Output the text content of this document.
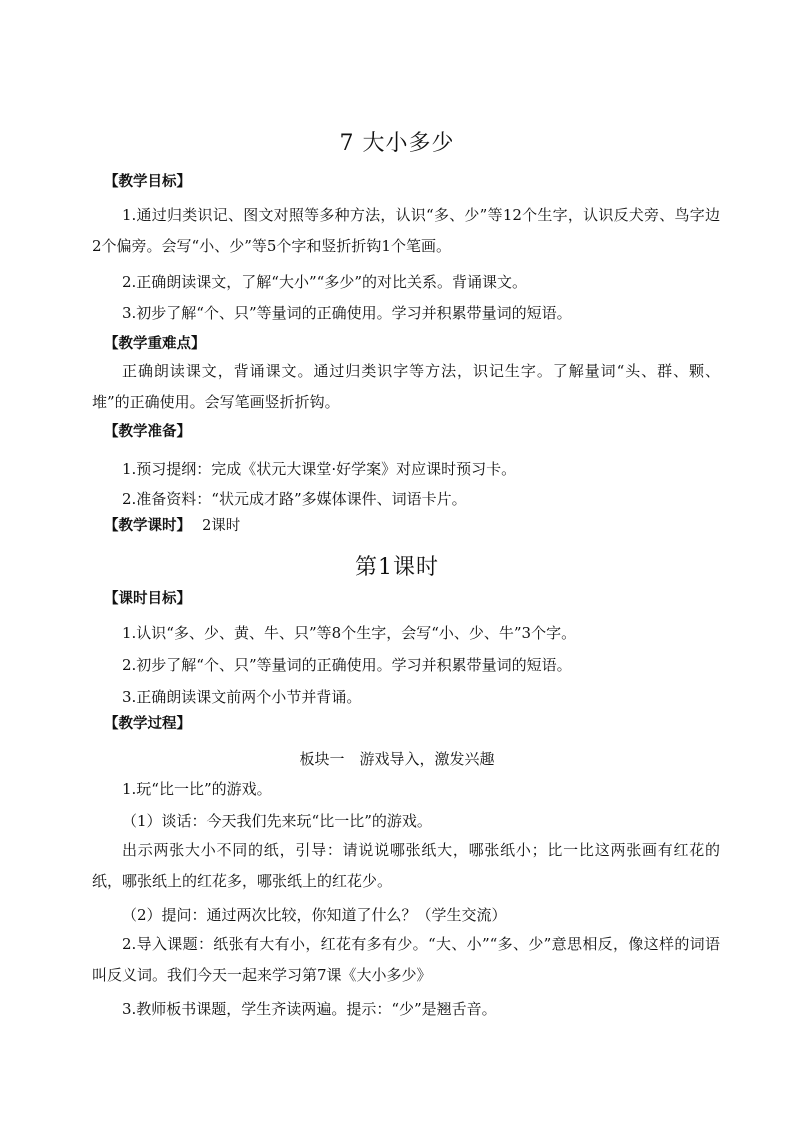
7 大小多少
【教学目标】
1.通过归类识记、图文对照等多种方法，认识“多、少”等12个生字，认识反犬旁、鸟字边2个偏旁。会写“小、少”等5个字和竖折折钩1个笔画。
2.正确朗读课文，了解“大小”“多少”的对比关系。背诵课文。
3.初步了解“个、只”等量词的正确使用。学习并积累带量词的短语。
【教学重难点】
正确朗读课文，背诵课文。通过归类识字等方法，识记生字。了解量词“头、群、颗、堆”的正确使用。会写笔画竖折折钩。
【教学准备】
1.预习提纲：完成《状元大课堂·好学案》对应课时预习卡。
2.准备资料：“状元成才路”多媒体课件、词语卡片。
【教学课时】 2课时
第1课时
【课时目标】
1.认识“多、少、黄、牛、只”等8个生字，会写“小、少、牛”3个字。
2.初步了解“个、只”等量词的正确使用。学习并积累带量词的短语。
3.正确朗读课文前两个小节并背诵。
【教学过程】
板块一　游戏导入，激发兴趣
1.玩“比一比”的游戏。
（1）谈话：今天我们先来玩“比一比”的游戏。
出示两张大小不同的纸，引导：请说说哪张纸大，哪张纸小；比一比这两张画有红花的纸，哪张纸上的红花多，哪张纸上的红花少。
（2）提问：通过两次比较，你知道了什么？（学生交流）
2.导入课题：纸张有大有小，红花有多有少。“大、小”“多、少”意思相反，像这样的词语叫反义词。我们今天一起来学习第7课《大小多少》
3.教师板书课题，学生齐读两遍。提示：“少”是翘舌音。
